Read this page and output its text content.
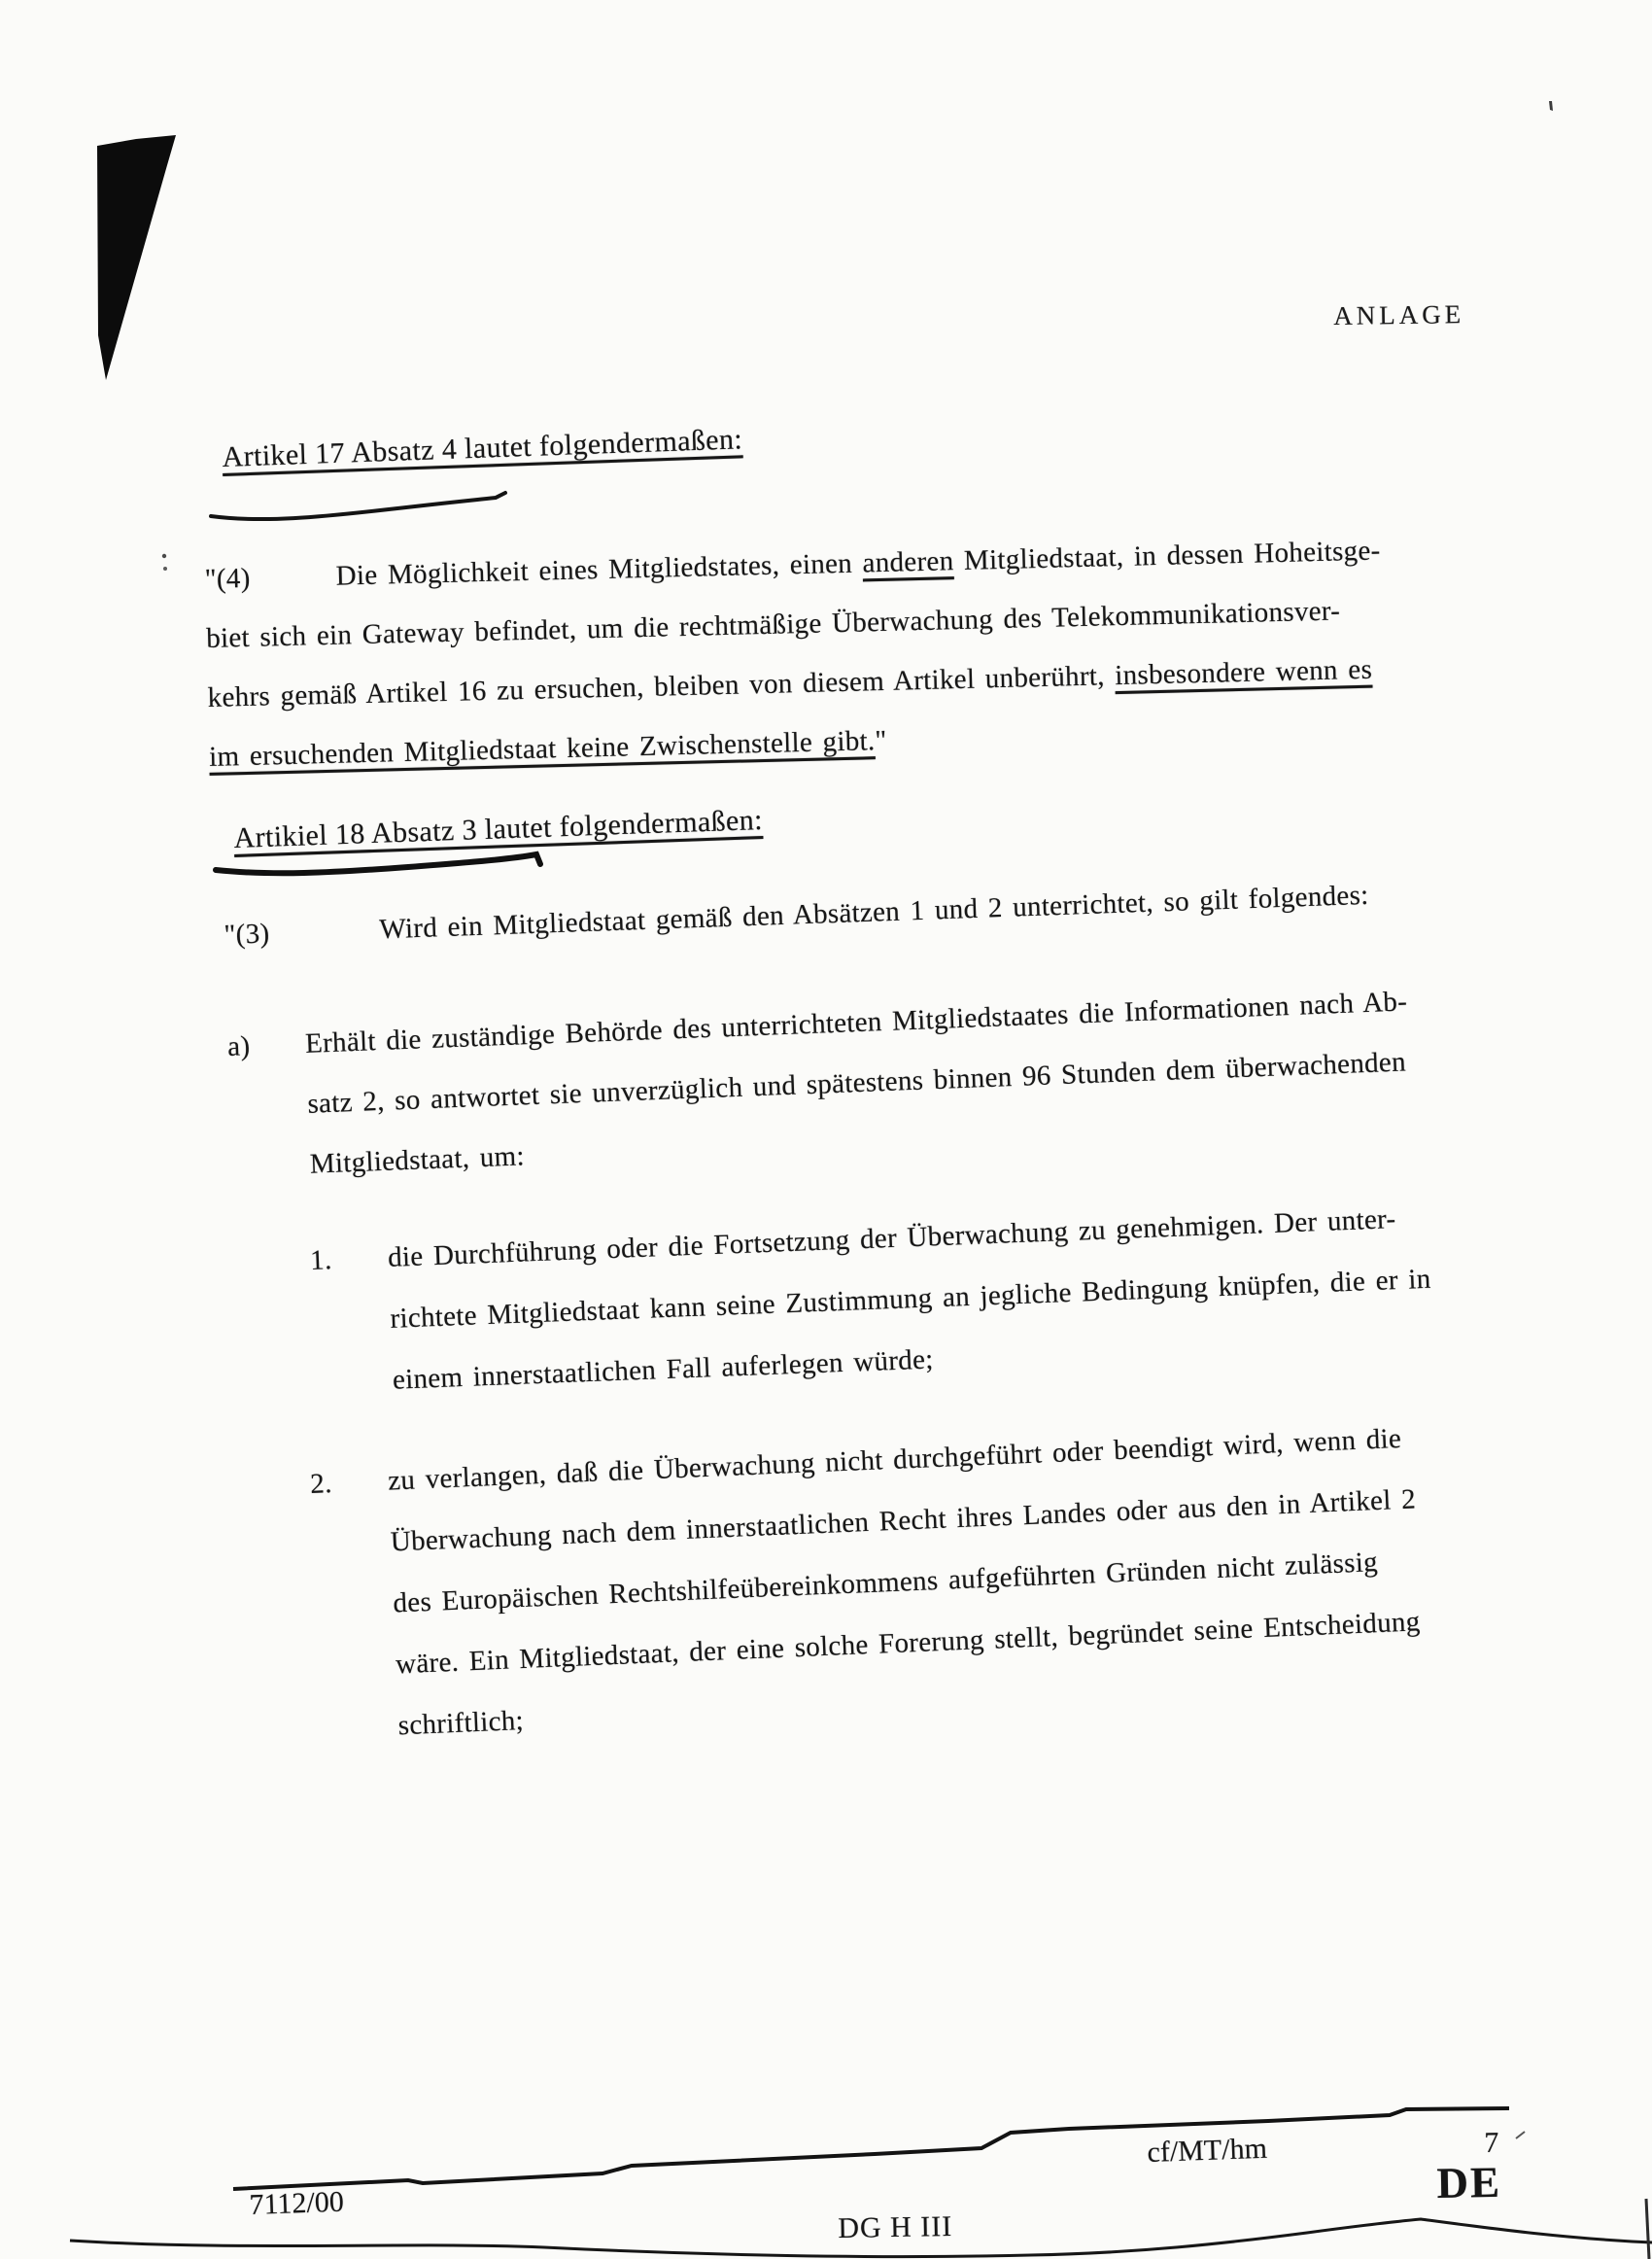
ANLAGE
Artikel 17 Absatz 4 lautet folgendermaßen:
"(4)	Die Möglichkeit eines Mitgliedstates, einen anderen Mitgliedstaat, in dessen Hoheitsge-
biet sich ein Gateway befindet, um die rechtmäßige Überwachung des Telekommunikationsver-
kehrs gemäß Artikel 16 zu ersuchen, bleiben von diesem Artikel unberührt, insbesondere wenn es
im ersuchenden Mitgliedstaat keine Zwischenstelle gibt."
Artikiel 18 Absatz 3 lautet folgendermaßen:
"(3)	Wird ein Mitgliedstaat gemäß den Absätzen 1 und 2 unterrichtet, so gilt folgendes:
a) Erhält die zuständige Behörde des unterrichteten Mitgliedstaates die Informationen nach Ab-
satz 2, so antwortet sie unverzüglich und spätestens binnen 96 Stunden dem überwachenden
Mitgliedstaat, um:
1. die Durchführung oder die Fortsetzung der Überwachung zu genehmigen. Der unter-
richtete Mitgliedstaat kann seine Zustimmung an jegliche Bedingung knüpfen, die er in
einem innerstaatlichen Fall auferlegen würde;
2. zu verlangen, daß die Überwachung nicht durchgeführt oder beendigt wird, wenn die
Überwachung nach dem innerstaatlichen Recht ihres Landes oder aus den in Artikel 2
des Europäischen Rechtshilfeübereinkommens aufgeführten Gründen nicht zulässig
wäre. Ein Mitgliedstaat, der eine solche Forerung stellt, begründet seine Entscheidung
schriftlich;
7112/00
DG H III
cf/MT/hm	7
DE
